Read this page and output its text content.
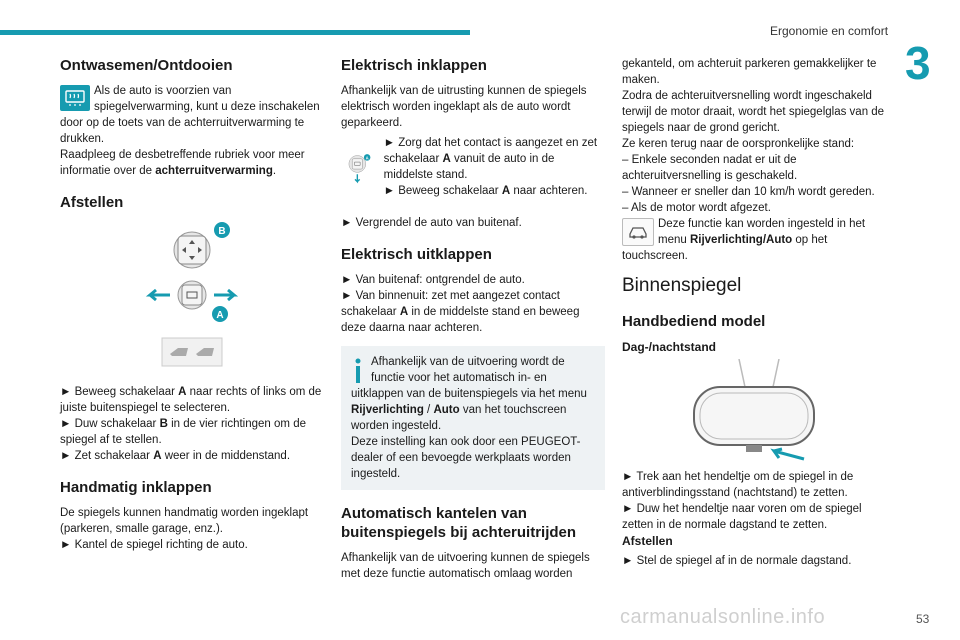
Ergonomie en comfort
3
Ontwasemen/Ontdooien

Als de auto is voorzien van spiegelverwarming, kunt u deze inschakelen door op de toets van de achterruitverwarming te drukken.

Raadpleeg de desbetreffende rubriek voor meer informatie over de achterruitverwarming.

Afstellen
B
A

► Beweeg schakelaar A naar rechts of links om de juiste buitenspiegel te selecteren.

► Duw schakelaar B in de vier richtingen om de spiegel af te stellen.

► Zet schakelaar A weer in de middenstand.

Handmatig inklappen

De spiegels kunnen handmatig worden ingeklapt (parkeren, smalle garage, enz.).

► Kantel de spiegel richting de auto.

Elektrisch inklappen

Afhankelijk van de uitrusting kunnen de spiegels elektrisch worden ingeklapt als de auto wordt geparkeerd.

A

► Zorg dat het contact is aangezet en zet schakelaar A vanuit de auto in de middelste stand.

► Beweeg schakelaar A naar achteren.

► Vergrendel de auto van buitenaf.

Elektrisch uitklappen

► Van buitenaf: ontgrendel de auto.

► Van binnenuit: zet met aangezet contact schakelaar A in de middelste stand en beweeg deze daarna naar achteren.

Afhankelijk van de uitvoering wordt de functie voor het automatisch in- en uitklappen van de buitenspiegels via het menu Rijverlichting / Auto van het touchscreen worden ingesteld.

Deze instelling kan ook door een PEUGEOT-dealer of een bevoegde werkplaats worden ingesteld.

Automatisch kantelen van buitenspiegels bij achteruitrijden

Afhankelijk van de uitvoering kunnen de spiegels met deze functie automatisch omlaag worden

gekanteld, om achteruit parkeren gemakkelijker te maken.

Zodra de achteruitversnelling wordt ingeschakeld terwijl de motor draait, wordt het spiegelglas van de spiegels naar de grond gericht.

Ze keren terug naar de oorspronkelijke stand:

– Enkele seconden nadat er uit de achteruitversnelling is geschakeld.

– Wanneer er sneller dan 10 km/h wordt gereden.

– Als de motor wordt afgezet.

Deze functie kan worden ingesteld in het menu Rijverlichting/Auto op het touchscreen.

Binnenspiegel
Handbediend model
Dag-/nachtstand

► Trek aan het hendeltje om de spiegel in de antiverblindingsstand (nachtstand) te zetten.

► Duw het hendeltje naar voren om de spiegel zetten in de normale dagstand te zetten.

Afstellen

► Stel de spiegel af in de normale dagstand.

carmanualsonline.info	53
